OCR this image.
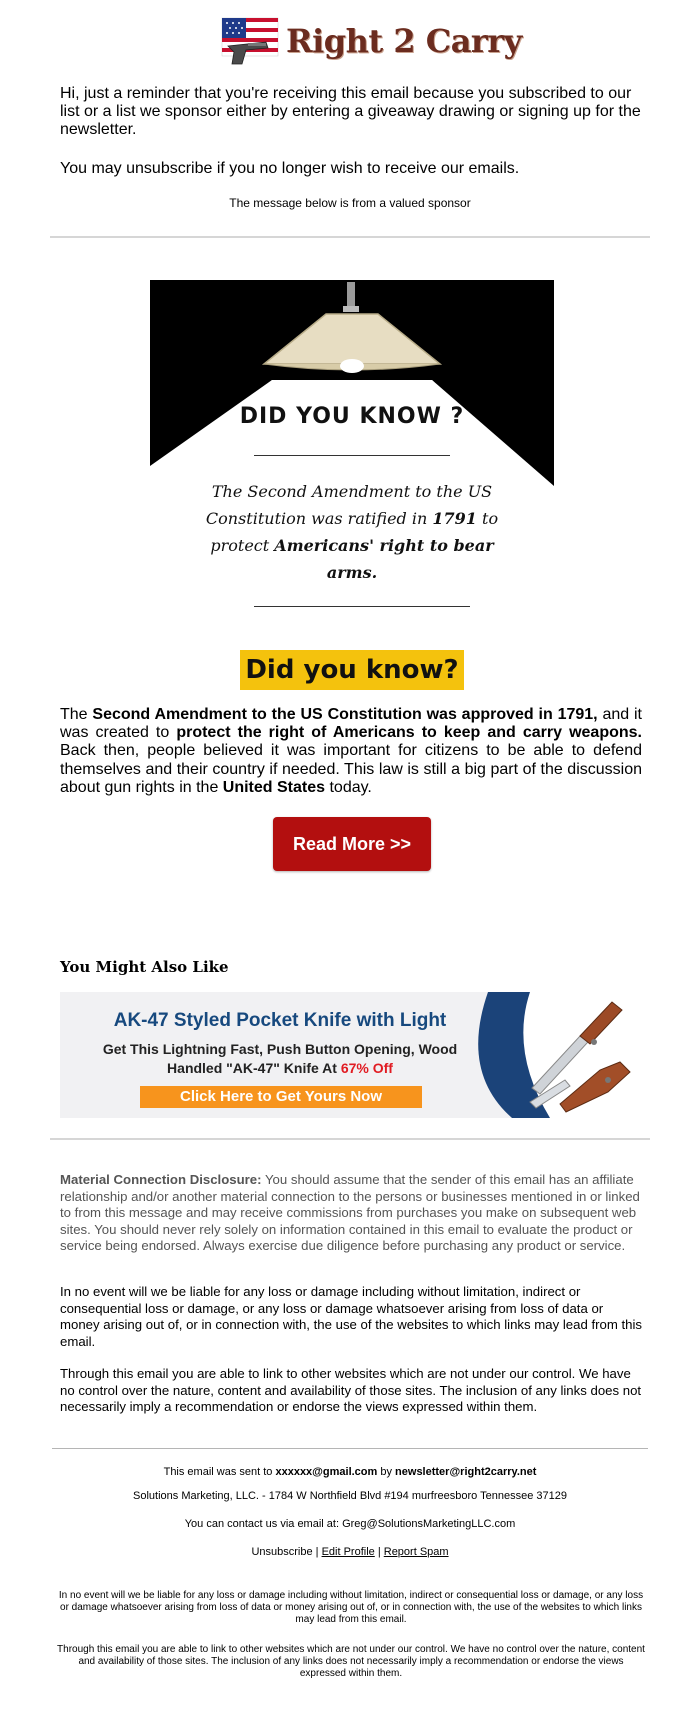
Right 2 Carry
Hi, just a reminder that you're receiving this email because you subscribed to our list or a list we sponsor either by entering a giveaway drawing or signing up for the newsletter.
You may unsubscribe if you no longer wish to receive our emails.
The message below is from a valued sponsor
DID YOU KNOW ?
The Second Amendment to the US Constitution was ratified in 1791 to protect Americans' right to bear arms.
Did you know?
The Second Amendment to the US Constitution was approved in 1791, and it was created to protect the right of Americans to keep and carry weapons. Back then, people believed it was important for citizens to be able to defend themselves and their country if needed. This law is still a big part of the discussion about gun rights in the United States today.
Read More >>
You Might Also Like
AK-47 Styled Pocket Knife with Light
Get This Lightning Fast, Push Button Opening, Wood
Handled "AK-47" Knife At 67% Off
Click Here to Get Yours Now
Material Connection Disclosure: You should assume that the sender of this email has an affiliate relationship and/or another material connection to the persons or businesses mentioned in or linked to from this message and may receive commissions from purchases you make on subsequent web sites. You should never rely solely on information contained in this email to evaluate the product or service being endorsed. Always exercise due diligence before purchasing any product or service.
In no event will we be liable for any loss or damage including without limitation, indirect or consequential loss or damage, or any loss or damage whatsoever arising from loss of data or money arising out of, or in connection with, the use of the websites to which links may lead from this email.
Through this email you are able to link to other websites which are not under our control. We have no control over the nature, content and availability of those sites. The inclusion of any links does not necessarily imply a recommendation or endorse the views expressed within them.
This email was sent to xxxxxx@gmail.com by newsletter@right2carry.net
Solutions Marketing, LLC. - 1784 W Northfield Blvd #194 murfreesboro Tennessee 37129
You can contact us via email at: Greg@SolutionsMarketingLLC.com
Unsubscribe | Edit Profile | Report Spam
In no event will we be liable for any loss or damage including without limitation, indirect or consequential loss or damage, or any loss or damage whatsoever arising from loss of data or money arising out of, or in connection with, the use of the websites to which links may lead from this email.
Through this email you are able to link to other websites which are not under our control. We have no control over the nature, content and availability of those sites. The inclusion of any links does not necessarily imply a recommendation or endorse the views expressed within them.
